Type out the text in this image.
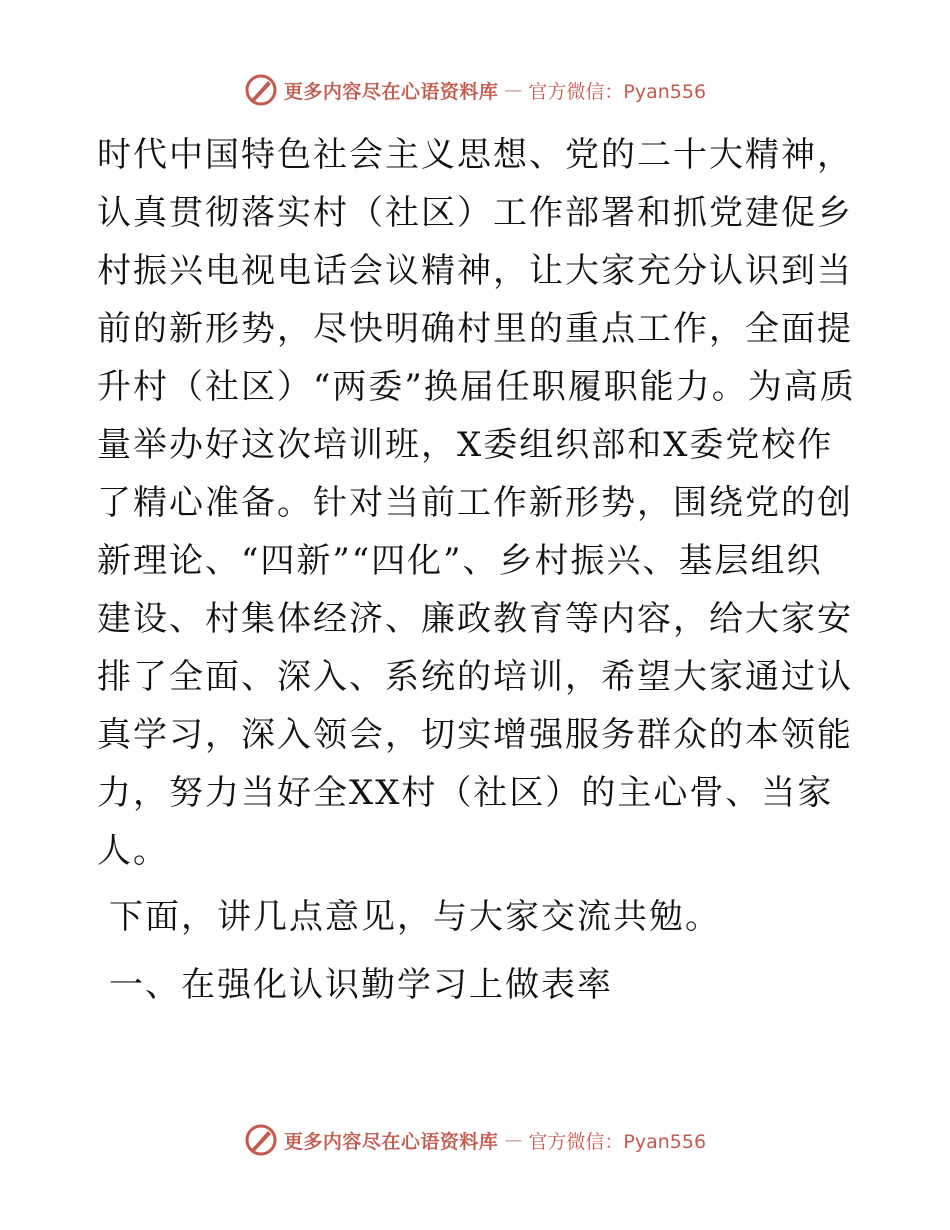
更多内容尽在心语资料库 — 官方微信：Pyan556

时代中国特色社会主义思想、党的二十大精神，认真贯彻落实村（社区）工作部署和抓党建促乡村振兴电视电话会议精神，让大家充分认识到当前的新形势，尽快明确村里的重点工作，全面提升村（社区）“两委”换届任职履职能力。为高质量举办好这次培训班，X委组织部和X委党校作了精心准备。针对当前工作新形势，围绕党的创新理论、“四新”“四化”、乡村振兴、基层组织建设、村集体经济、廉政教育等内容，给大家安排了全面、深入、系统的培训，希望大家通过认真学习，深入领会，切实增强服务群众的本领能力，努力当好全XX村（社区）的主心骨、当家人。

下面，讲几点意见，与大家交流共勉。

一、在强化认识勤学习上做表率

更多内容尽在心语资料库 — 官方微信：Pyan556
